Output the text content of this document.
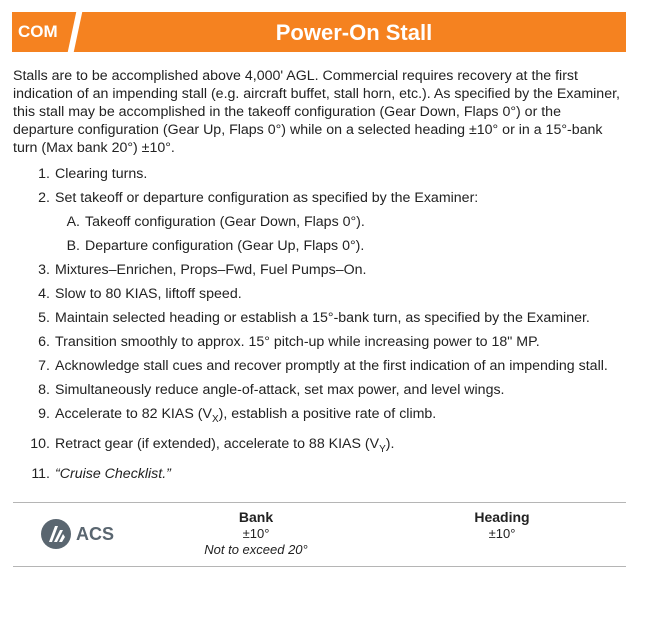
COM	Power-On Stall
Stalls are to be accomplished above 4,000' AGL. Commercial requires recovery at the first indication of an impending stall (e.g. aircraft buffet, stall horn, etc.). As specified by the Examiner, this stall may be accomplished in the takeoff configuration (Gear Down, Flaps 0°) or the departure configuration (Gear Up, Flaps 0°) while on a selected heading ±10° or in a 15°-bank turn (Max bank 20°) ±10°.
1. Clearing turns.
2. Set takeoff or departure configuration as specified by the Examiner:
A. Takeoff configuration (Gear Down, Flaps 0°).
B. Departure configuration (Gear Up, Flaps 0°).
3. Mixtures–Enrichen, Props–Fwd, Fuel Pumps–On.
4. Slow to 80 KIAS, liftoff speed.
5. Maintain selected heading or establish a 15°-bank turn, as specified by the Examiner.
6. Transition smoothly to approx. 15° pitch-up while increasing power to 18" MP.
7. Acknowledge stall cues and recover promptly at the first indication of an impending stall.
8. Simultaneously reduce angle-of-attack, set max power, and level wings.
9. Accelerate to 82 KIAS $(V_X)$, establish a positive rate of climb.
10. Retract gear (if extended), accelerate to 88 KIAS $(V_Y)$.
11. “Cruise Checklist.”
ACS
Bank
±10°
Not to exceed 20°
Heading
±10°
